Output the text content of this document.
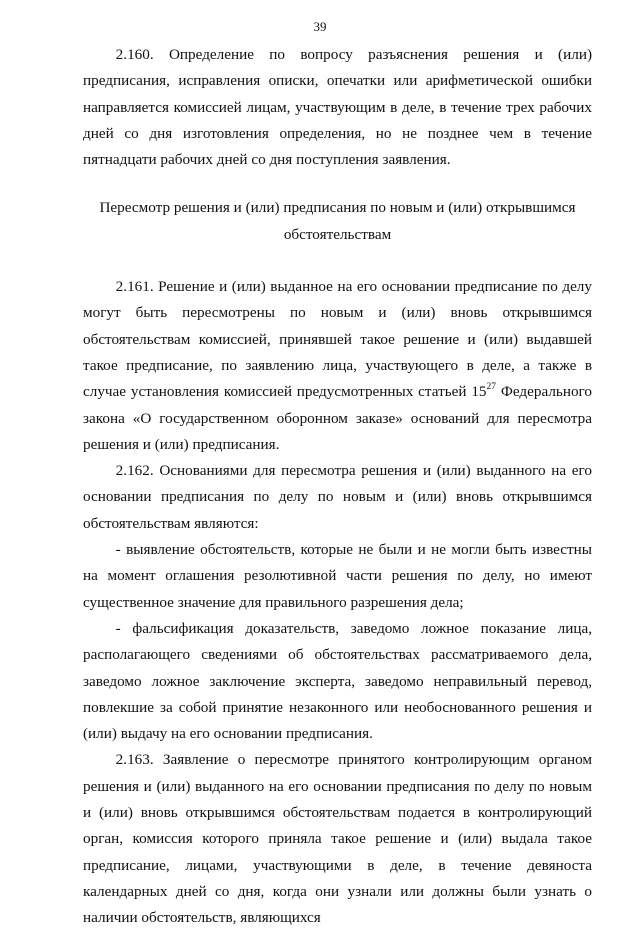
39

2.160. Определение по вопросу разъяснения решения и (или) предписания, исправления описки, опечатки или арифметической ошибки направляется комиссией лицам, участвующим в деле, в течение трех рабочих дней со дня изготовления определения, но не позднее чем в течение пятнадцати рабочих дней со дня поступления заявления.

Пересмотр решения и (или) предписания по новым и (или) открывшимся обстоятельствам

2.161. Решение и (или) выданное на его основании предписание по делу могут быть пересмотрены по новым и (или) вновь открывшимся обстоятельствам комиссией, принявшей такое решение и (или) выдавшей такое предписание, по заявлению лица, участвующего в деле, а также в случае установления комиссией предусмотренных статьей $15^{27}$ Федерального закона «О государственном оборонном заказе» оснований для пересмотра решения и (или) предписания.

2.162. Основаниями для пересмотра решения и (или) выданного на его основании предписания по делу по новым и (или) вновь открывшимся обстоятельствам являются:

- выявление обстоятельств, которые не были и не могли быть известны на момент оглашения резолютивной части решения по делу, но имеют существенное значение для правильного разрешения дела;

- фальсификация доказательств, заведомо ложное показание лица, располагающего сведениями об обстоятельствах рассматриваемого дела, заведомо ложное заключение эксперта, заведомо неправильный перевод, повлекшие за собой принятие незаконного или необоснованного решения и (или) выдачу на его основании предписания.

2.163. Заявление о пересмотре принятого контролирующим органом решения и (или) выданного на его основании предписания по делу по новым и (или) вновь открывшимся обстоятельствам подается в контролирующий орган, комиссия которого приняла такое решение и (или) выдала такое предписание, лицами, участвующими в деле, в течение девяноста календарных дней со дня, когда они узнали или должны были узнать о наличии обстоятельств, являющихся
